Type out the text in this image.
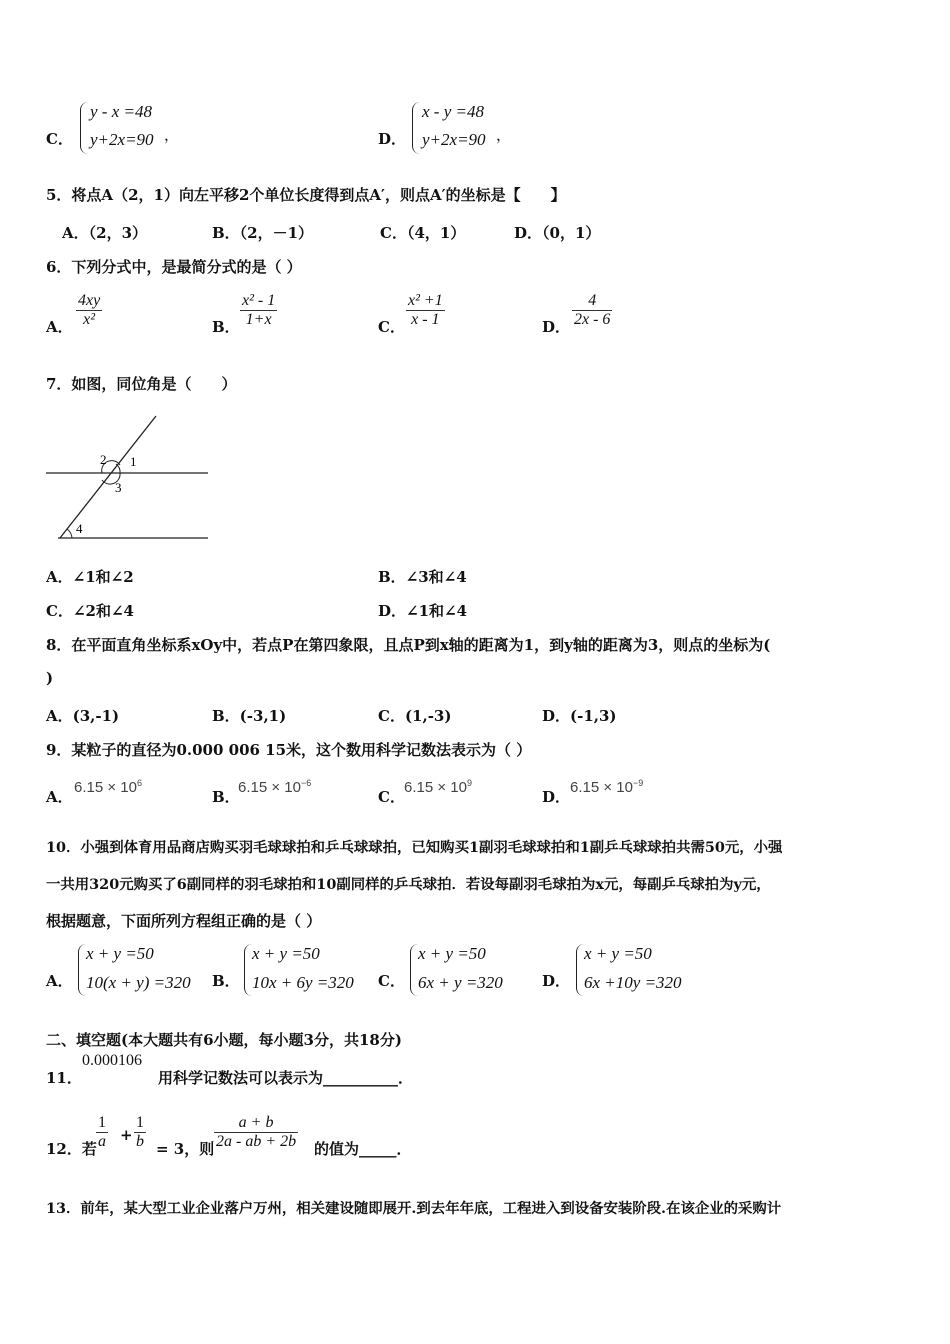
C．
y - x =48
y+2x=90 ，	D．
x - y =48
y+2x=90 ，
5．将点A（2，1）向左平移2个单位长度得到点A′，则点A′的坐标是【　　】
A．（2，3）	B．（2，－1）	C．（4，1）	D．（0，1）
6．下列分式中，是最简分式的是（ ）
A． $\frac{4xy}{\text{x²}}$	B． $\frac{\text{x² - 1}}{1+x}$	C． $\frac{\text{x² +1}}{x - 1}$	D． $\frac{4}{2x - 6}$
7．如图，同位角是（　　）
2 1
3
4
A．∠1和∠2	B．∠3和∠4
C．∠2和∠4	D．∠1和∠4
8．在平面直角坐标系xOy中，若点P在第四象限，且点P到x轴的距离为1，到y轴的距离为3，则点的坐标为(
)
A．(3,-1)	B．(-3,1)	C．(1,-3)	D．(-1,3)
9．某粒子的直径为0.000 006 15米，这个数用科学记数法表示为（ ）
A．
$6.15 \times 10^6$
B．
$6.15 \times 10^{-6}$
C．
$6.15 \times 10^9$
D．
$6.15 \times 10^{-9}$
10．小强到体育用品商店购买羽毛球球拍和乒乓球球拍，已知购买1副羽毛球球拍和1副乒乓球球拍共需50元，小强
一共用320元购买了6副同样的羽毛球拍和10副同样的乒乓球拍．若设每副羽毛球拍为x元，每副乒乓球拍为y元，
根据题意，下面所列方程组正确的是（ ）
A．
x + y =50
10(x + y) =320 B．
x + y =50
10x + 6y =320 C．
x + y =50
6x + y =320	D．
x + y =50
6x +10y =320
二、填空题(本大题共有6小题，每小题3分，共18分)
11．
0.000106
用科学记数法可以表示为__________．
12．若 $\frac{1}{a} + \frac{1}{b} = 3$，则 $\frac{a + b}{2a - ab + 2b}$ 的值为_____．
13．前年，某大型工业企业落户万州，相关建设随即展开.到去年年底，工程进入到设备安装阶段.在该企业的采购计
